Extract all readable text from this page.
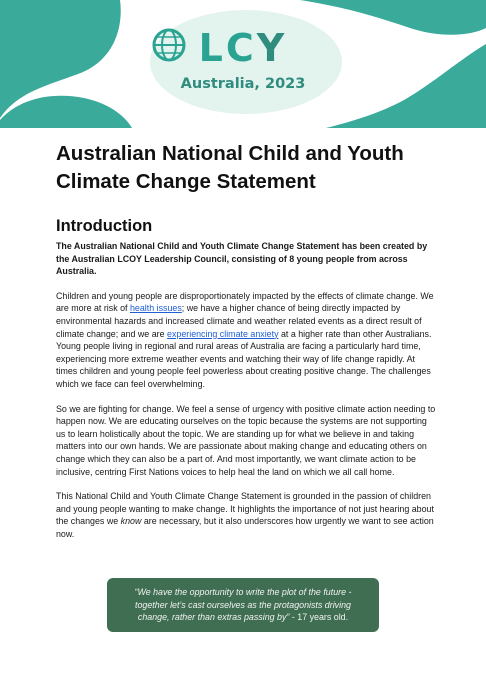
LC
Y
Australia, 2023
Australian National Child and Youth Climate Change Statement
Introduction

The Australian National Child and Youth Climate Change Statement has been created by the Australian LCOY Leadership Council, consisting of 8 young people from across Australia.

Children and young people are disproportionately impacted by the effects of climate change. We are more at risk of health issues; we have a higher chance of being directly impacted by environmental hazards and increased climate and weather related events as a direct result of climate change; and we are experiencing climate anxiety at a higher rate than other Australians. Young people living in regional and rural areas of Australia are facing a particularly hard time, experiencing more extreme weather events and watching their way of life change rapidly. At times children and young people feel powerless about creating positive change. The challenges which we face can feel overwhelming.

So we are fighting for change. We feel a sense of urgency with positive climate action needing to happen now. We are educating ourselves on the topic because the systems are not supporting us to learn holistically about the topic. We are standing up for what we believe in and taking matters into our own hands. We are passionate about making change and educating others on change which they can also be a part of. And most importantly, we want climate action to be inclusive, centring First Nations voices to help heal the land on which we all call home.

This National Child and Youth Climate Change Statement is grounded in the passion of children and young people wanting to make change. It highlights the importance of not just hearing about the changes we know are necessary, but it also underscores how urgently we want to see action now.

“We have the opportunity to write the plot of the future - together let’s cast ourselves as the protagonists driving change, rather than extras passing by” - 17 years old.
